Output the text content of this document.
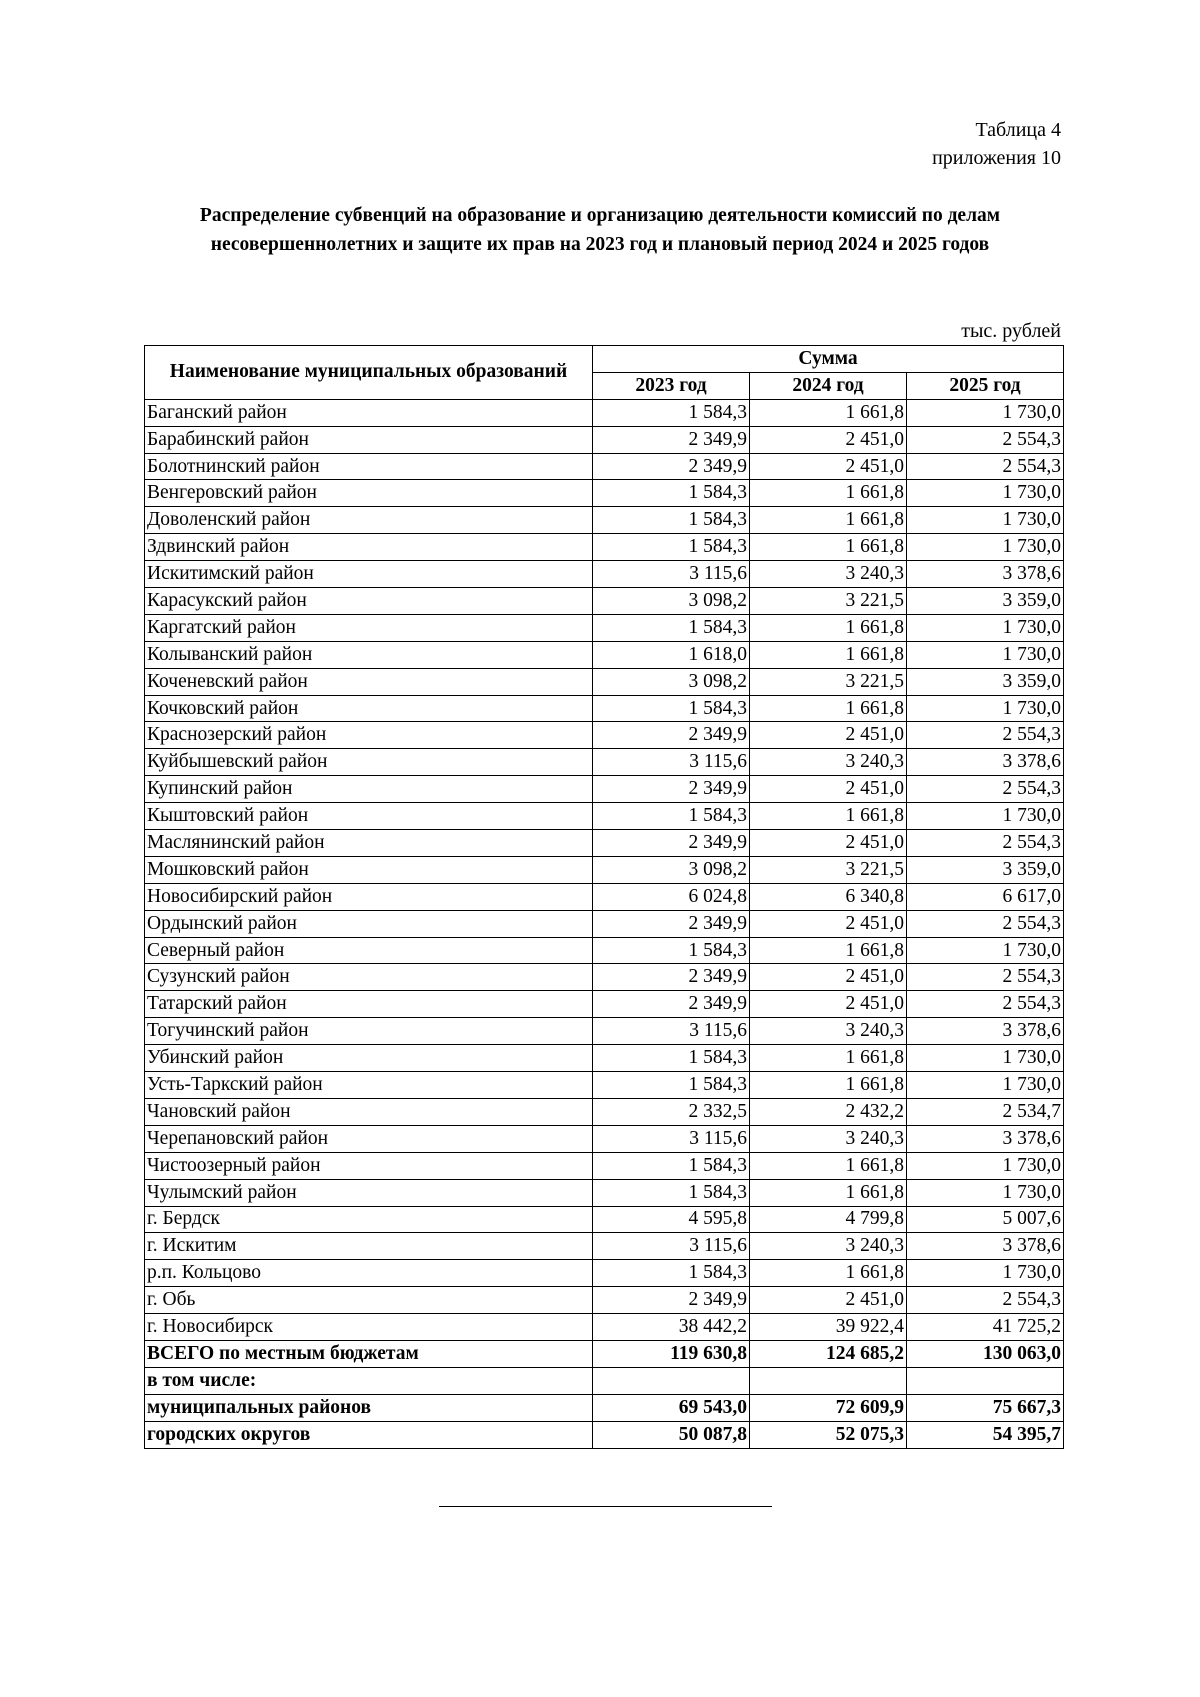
Таблица 4
приложения 10
Распределение субвенций на образование и организацию деятельности комиссий по делам несовершеннолетних и защите их прав на 2023 год и плановый период 2024 и 2025 годов
тыс. рублей
Наименование муниципальных образований	Сумма		
	2023 год	2024 год	2025 год
Баганский район	1 584,3	1 661,8	1 730,0
Барабинский район	2 349,9	2 451,0	2 554,3
Болотнинский район	2 349,9	2 451,0	2 554,3
Венгеровский район	1 584,3	1 661,8	1 730,0
Доволенский район	1 584,3	1 661,8	1 730,0
Здвинский район	1 584,3	1 661,8	1 730,0
Искитимский район	3 115,6	3 240,3	3 378,6
Карасукский район	3 098,2	3 221,5	3 359,0
Каргатский район	1 584,3	1 661,8	1 730,0
Колыванский район	1 618,0	1 661,8	1 730,0
Коченевский район	3 098,2	3 221,5	3 359,0
Кочковский район	1 584,3	1 661,8	1 730,0
Краснозерский район	2 349,9	2 451,0	2 554,3
Куйбышевский район	3 115,6	3 240,3	3 378,6
Купинский район	2 349,9	2 451,0	2 554,3
Кыштовский район	1 584,3	1 661,8	1 730,0
Маслянинский район	2 349,9	2 451,0	2 554,3
Мошковский район	3 098,2	3 221,5	3 359,0
Новосибирский район	6 024,8	6 340,8	6 617,0
Ордынский район	2 349,9	2 451,0	2 554,3
Северный район	1 584,3	1 661,8	1 730,0
Сузунский район	2 349,9	2 451,0	2 554,3
Татарский район	2 349,9	2 451,0	2 554,3
Тогучинский район	3 115,6	3 240,3	3 378,6
Убинский район	1 584,3	1 661,8	1 730,0
Усть-Таркский район	1 584,3	1 661,8	1 730,0
Чановский район	2 332,5	2 432,2	2 534,7
Черепановский район	3 115,6	3 240,3	3 378,6
Чистоозерный район	1 584,3	1 661,8	1 730,0
Чулымский район	1 584,3	1 661,8	1 730,0
г. Бердск	4 595,8	4 799,8	5 007,6
г. Искитим	3 115,6	3 240,3	3 378,6
р.п. Кольцово	1 584,3	1 661,8	1 730,0
г. Обь	2 349,9	2 451,0	2 554,3
г. Новосибирск	38 442,2	39 922,4	41 725,2
ВСЕГО по местным бюджетам	119 630,8	124 685,2	130 063,0
в том числе:			
муниципальных районов	69 543,0	72 609,9	75 667,3
городских округов	50 087,8	52 075,3	54 395,7
